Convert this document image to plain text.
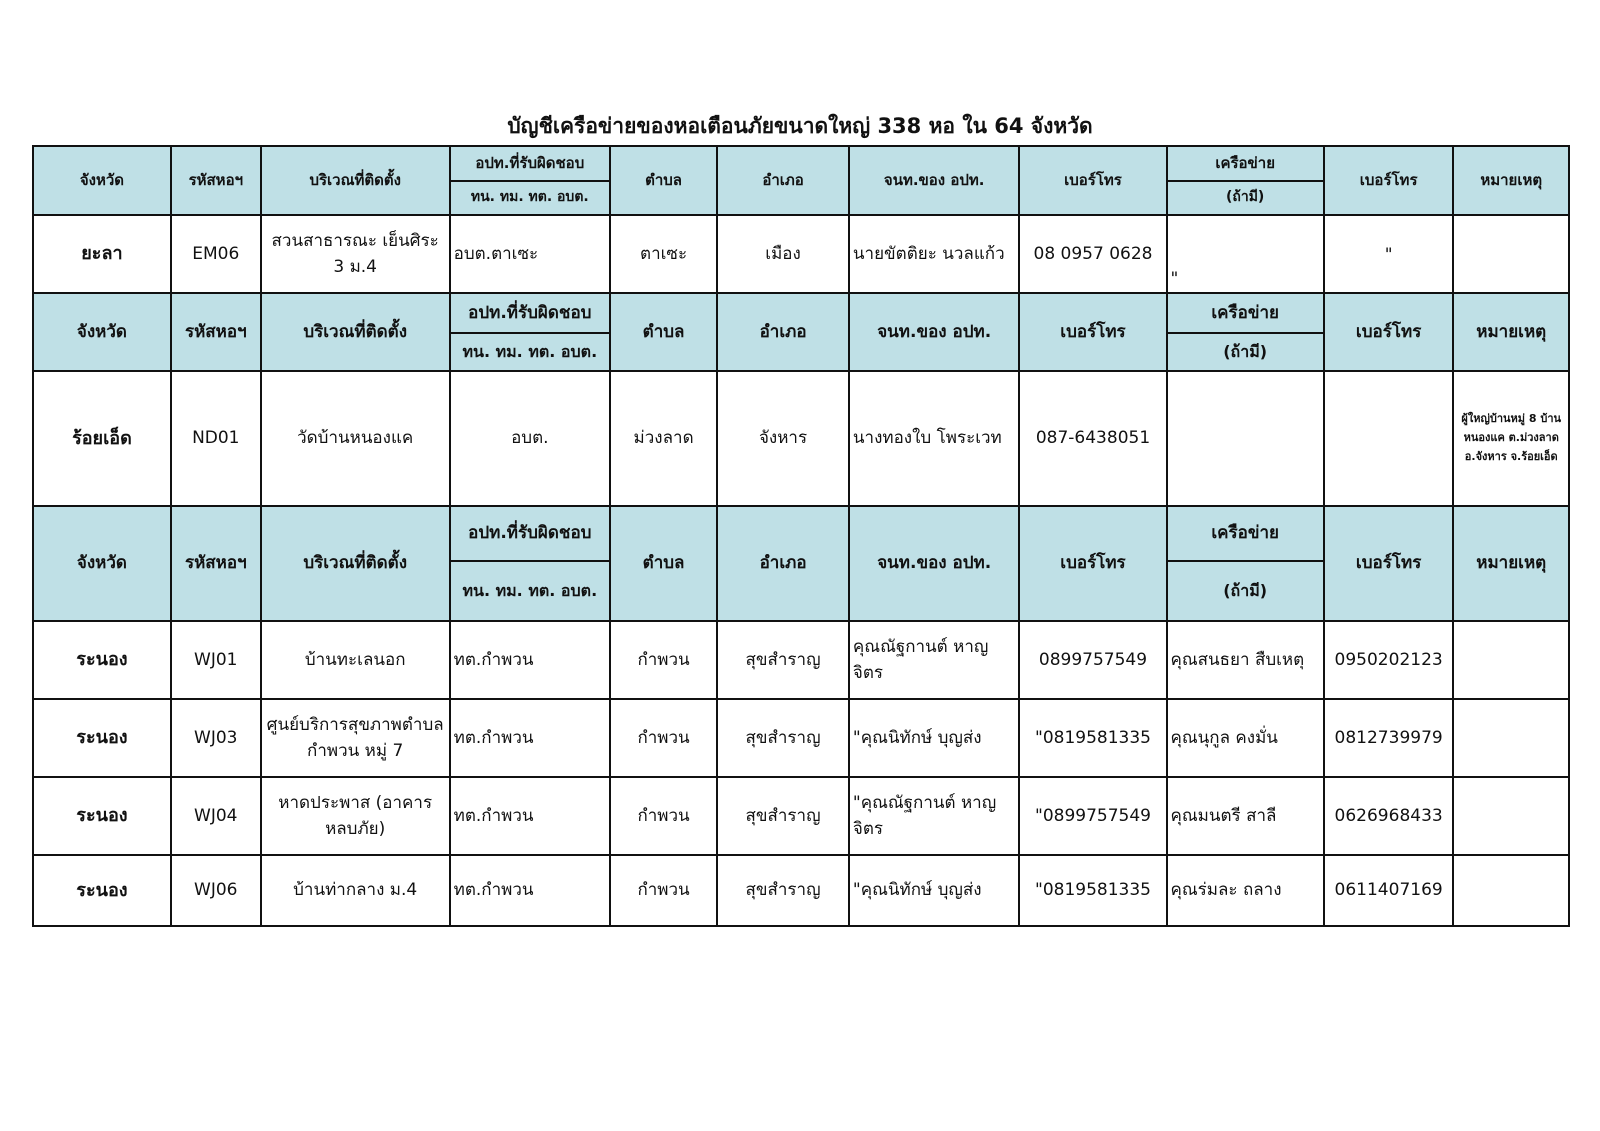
บัญชีเครือข่ายของหอเตือนภัยขนาดใหญ่ 338 หอ ใน 64 จังหวัด
จังหวัด	รหัสหอฯ	บริเวณที่ติดตั้ง	อปท.ที่รับผิดชอบ	ตำบล	อำเภอ	จนท.ของ อปท.	เบอร์โทร	เครือข่าย	เบอร์โทร	หมายเหตุ
			ทน. ทม. ทต. อบต.					(ถ้ามี)		
ยะลา	EM06	สวนสาธารณะ เย็นศิระ 3 ม.4	อบต.ตาเซะ	ตาเซะ	เมือง	นายขัตติยะ นวลแก้ว	08 0957 0628	"	"	
จังหวัด	รหัสหอฯ	บริเวณที่ติดตั้ง	อปท.ที่รับผิดชอบ	ตำบล	อำเภอ	จนท.ของ อปท.	เบอร์โทร	เครือข่าย	เบอร์โทร	หมายเหตุ
			ทน. ทม. ทต. อบต.					(ถ้ามี)		
ร้อยเอ็ด	ND01	วัดบ้านหนองแค	อบต.	ม่วงลาด	จังหาร	นางทองใบ โพระเวท	087-6438051			ผู้ใหญ่บ้านหมู่ 8 บ้านหนองแค ต.ม่วงลาด อ.จังหาร จ.ร้อยเอ็ด
จังหวัด	รหัสหอฯ	บริเวณที่ติดตั้ง	อปท.ที่รับผิดชอบ	ตำบล	อำเภอ	จนท.ของ อปท.	เบอร์โทร	เครือข่าย	เบอร์โทร	หมายเหตุ
			ทน. ทม. ทต. อบต.					(ถ้ามี)		
ระนอง	WJ01	บ้านทะเลนอก	ทต.กำพวน	กำพวน	สุขสำราญ	คุณณัฐกานต์ หาญจิตร	0899757549	คุณสนธยา สืบเหตุ	0950202123	
ระนอง	WJ03	ศูนย์บริการสุขภาพตำบลกำพวน หมู่ 7	ทต.กำพวน	กำพวน	สุขสำราญ	"คุณนิทักษ์ บุญส่ง	"0819581335	คุณนุกูล คงมั่น	0812739979	
ระนอง	WJ04	หาดประพาส (อาคารหลบภัย)	ทต.กำพวน	กำพวน	สุขสำราญ	"คุณณัฐกานต์ หาญจิตร	"0899757549	คุณมนตรี สาลี	0626968433	
ระนอง	WJ06	บ้านท่ากลาง ม.4	ทต.กำพวน	กำพวน	สุขสำราญ	"คุณนิทักษ์ บุญส่ง	"0819581335	คุณร่มละ ถลาง	0611407169	
